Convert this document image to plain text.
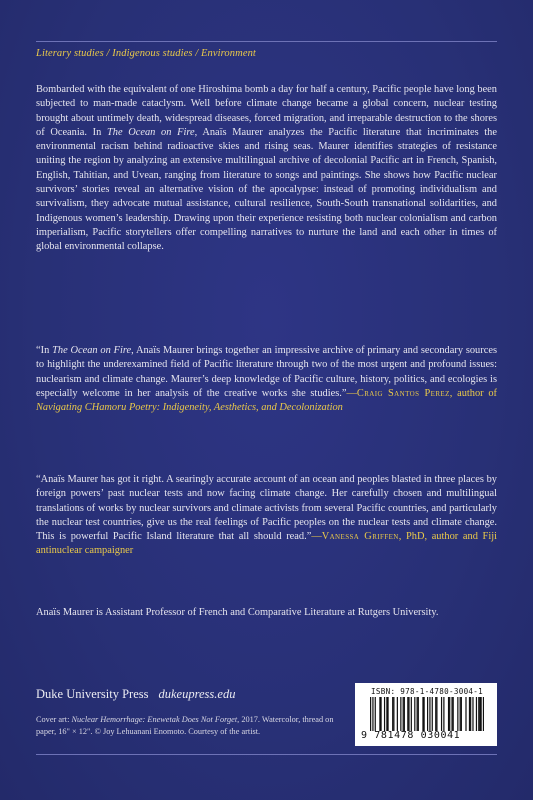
Literary studies / Indigenous studies / Environment
Bombarded with the equivalent of one Hiroshima bomb a day for half a century, Pacific people have long been subjected to man-made cataclysm. Well before climate change became a global concern, nuclear testing brought about untimely death, widespread diseases, forced migration, and irreparable destruction to the shores of Oceania. In The Ocean on Fire, Anaïs Maurer analyzes the Pacific literature that incriminates the environmental racism behind radioactive skies and rising seas. Maurer identifies strategies of resistance uniting the region by analyzing an extensive multilingual archive of decolonial Pacific art in French, Spanish, English, Tahitian, and Uvean, ranging from literature to songs and paintings. She shows how Pacific nuclear survivors’ stories reveal an alternative vision of the apocalypse: instead of promoting individualism and survivalism, they advocate mutual assistance, cultural resilience, South-South transnational solidarities, and Indigenous women’s leadership. Drawing upon their experience resisting both nuclear colonialism and carbon imperialism, Pacific storytellers offer compelling narratives to nurture the land and each other in times of global environmental collapse.
“In The Ocean on Fire, Anaïs Maurer brings together an impressive archive of primary and secondary sources to highlight the underexamined field of Pacific literature through two of the most urgent and profound issues: nuclearism and climate change. Maurer’s deep knowledge of Pacific culture, history, politics, and ecologies is especially welcome in her analysis of the creative works she studies.”—Craig Santos Perez, author of Navigating CHamoru Poetry: Indigeneity, Aesthetics, and Decolonization
“Anaïs Maurer has got it right. A searingly accurate account of an ocean and peoples blasted in three places by foreign powers’ past nuclear tests and now facing climate change. Her carefully chosen and multilingual translations of works by nuclear survivors and climate activists from several Pacific countries, and particularly the nuclear test countries, give us the real feelings of Pacific peoples on the nuclear tests and climate change. This is powerful Pacific Island literature that all should read.”—Vanessa Griffen, PhD, author and Fiji antinuclear campaigner
Anaïs Maurer is Assistant Professor of French and Comparative Literature at Rutgers University.
Duke University Press dukeupress.edu
Cover art: Nuclear Hemorrhage: Enewetak Does Not Forget, 2017. Watercolor, thread on paper, 16" × 12". © Joy Lehuanani Enomoto. Courtesy of the artist.
ISBN: 978-1-4780-3004-1
9 781478 030041
